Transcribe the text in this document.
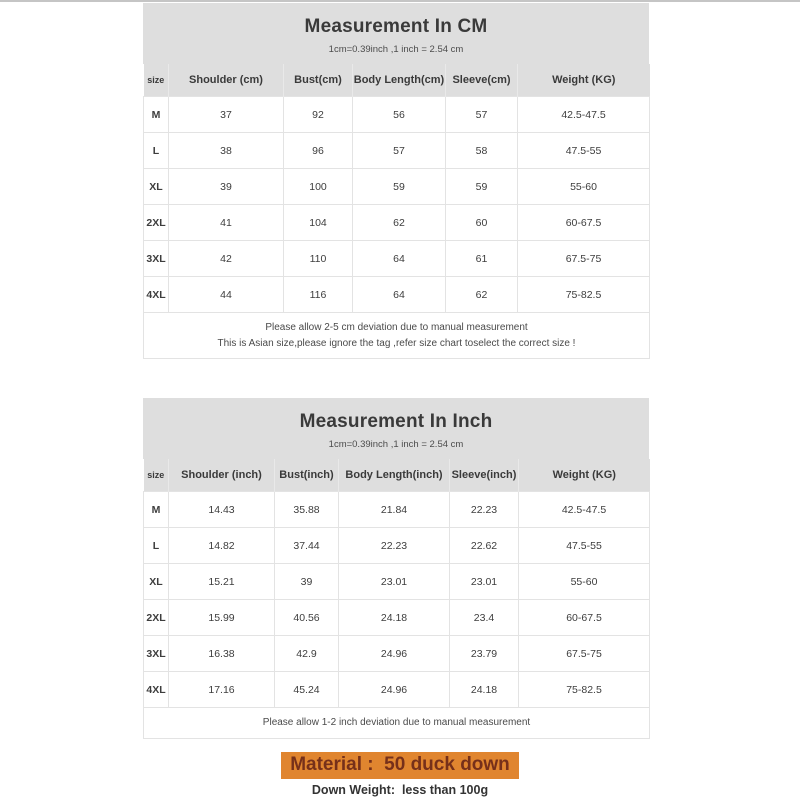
Measurement In CM
1cm=0.39inch ,1 inch = 2.54 cm
size	Shoulder (cm)	Bust(cm)	Body Length(cm)	Sleeve(cm)	Weight (KG)
M	37	92	56	57	42.5-47.5
L	38	96	57	58	47.5-55
XL	39	100	59	59	55-60
2XL	41	104	62	60	60-67.5
3XL	42	110	64	61	67.5-75
4XL	44	116	64	62	75-82.5

Please allow 2-5 cm deviation due to manual measurement
This is Asian size,please ignore the tag ,refer size chart toselect the correct size !					
Measurement In Inch
1cm=0.39inch ,1 inch = 2.54 cm
size	Shoulder (inch)	Bust(inch)	Body Length(inch)	Sleeve(inch)	Weight (KG)
M	14.43	35.88	21.84	22.23	42.5-47.5
L	14.82	37.44	22.23	22.62	47.5-55
XL	15.21	39	23.01	23.01	55-60
2XL	15.99	40.56	24.18	23.4	60-67.5
3XL	16.38	42.9	24.96	23.79	67.5-75
4XL	17.16	45.24	24.96	24.18	75-82.5

Please allow 1-2 inch deviation due to manual measurement					
Material :  50 duck down
Down Weight:  less than 100g
